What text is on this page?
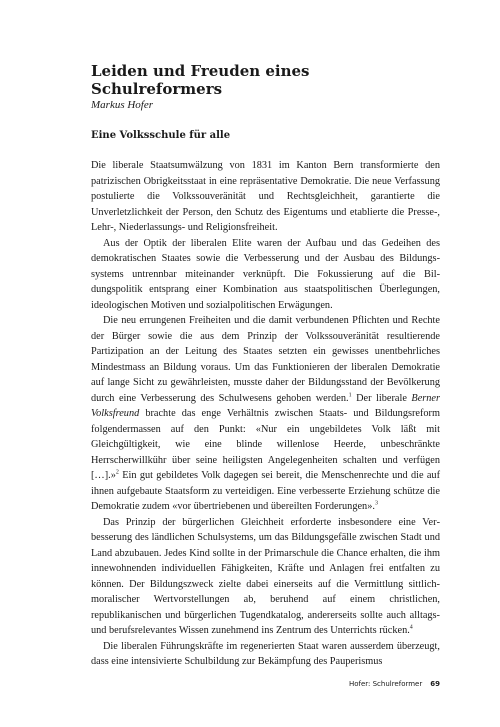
Leiden und Freuden eines
Schulreformers

Markus Hofer

Eine Volksschule für alle

Die liberale Staatsumwälzung von 1831 im Kanton Bern transformierte den patrizischen Obrigkeitsstaat in eine repräsentative Demokratie. Die neue Verfassung postulierte die Volkssouveränität und Rechtsgleichheit, garantierte die Unverletzlichkeit der Person, den Schutz des Eigentums und etablierte die Presse-, Lehr-, Niederlassungs- und Religionsfreiheit.

Aus der Optik der liberalen Elite waren der Aufbau und das Gedeihen des demokratischen Staates sowie die Verbesserung und der Ausbau des Bildungssystems untrennbar miteinander verknüpft. Die Fokussierung auf die Bildungspolitik entsprang einer Kombination aus staatspolitischen Überlegungen, ideologischen Motiven und sozialpolitischen Erwägungen.

Die neu errungenen Freiheiten und die damit verbundenen Pflichten und Rechte der Bürger sowie die aus dem Prinzip der Volkssouveränität resultierende Partizipation an der Leitung des Staates setzten ein gewisses unentbehrliches Mindestmass an Bildung voraus. Um das Funktionieren der liberalen Demokratie auf lange Sicht zu gewährleisten, musste daher der Bildungsstand der Bevölkerung durch eine Verbesserung des Schulwesens gehoben werden.$^1$ Der liberale Berner Volksfreund brachte das enge Verhältnis zwischen Staats- und Bildungsreform folgendermassen auf den Punkt: «Nur ein ungebildetes Volk läßt mit Gleichgültigkeit, wie eine blinde willenlose Heerde, unbeschränkte Herrscherwillkühr über seine heiligsten Angelegenheiten schalten und verfügen […].»$^2$ Ein gut gebildetes Volk dagegen sei bereit, die Menschenrechte und die auf ihnen aufgebaute Staatsform zu verteidigen. Eine verbesserte Erziehung schütze die Demokratie zudem «vor übertriebenen und übereilten Forderungen».$^3$

Das Prinzip der bürgerlichen Gleichheit erforderte insbesondere eine Verbesserung des ländlichen Schulsystems, um das Bildungsgefälle zwischen Stadt und Land abzubauen. Jedes Kind sollte in der Primarschule die Chance erhalten, die ihm innewohnenden individuellen Fähigkeiten, Kräfte und Anlagen frei entfalten zu können. Der Bildungszweck zielte dabei einerseits auf die Vermittlung sittlich-moralischer Wertvorstellungen ab, beruhend auf einem christlichen, republikanischen und bürgerlichen Tugendkatalog, andererseits sollte auch alltags- und berufsrelevantes Wissen zunehmend ins Zentrum des Unterrichts rücken.$^4$

Die liberalen Führungskräfte im regenerierten Staat waren ausserdem überzeugt, dass eine intensivierte Schulbildung zur Bekämpfung des Pauperismus

Hofer: Schulreformer 69
